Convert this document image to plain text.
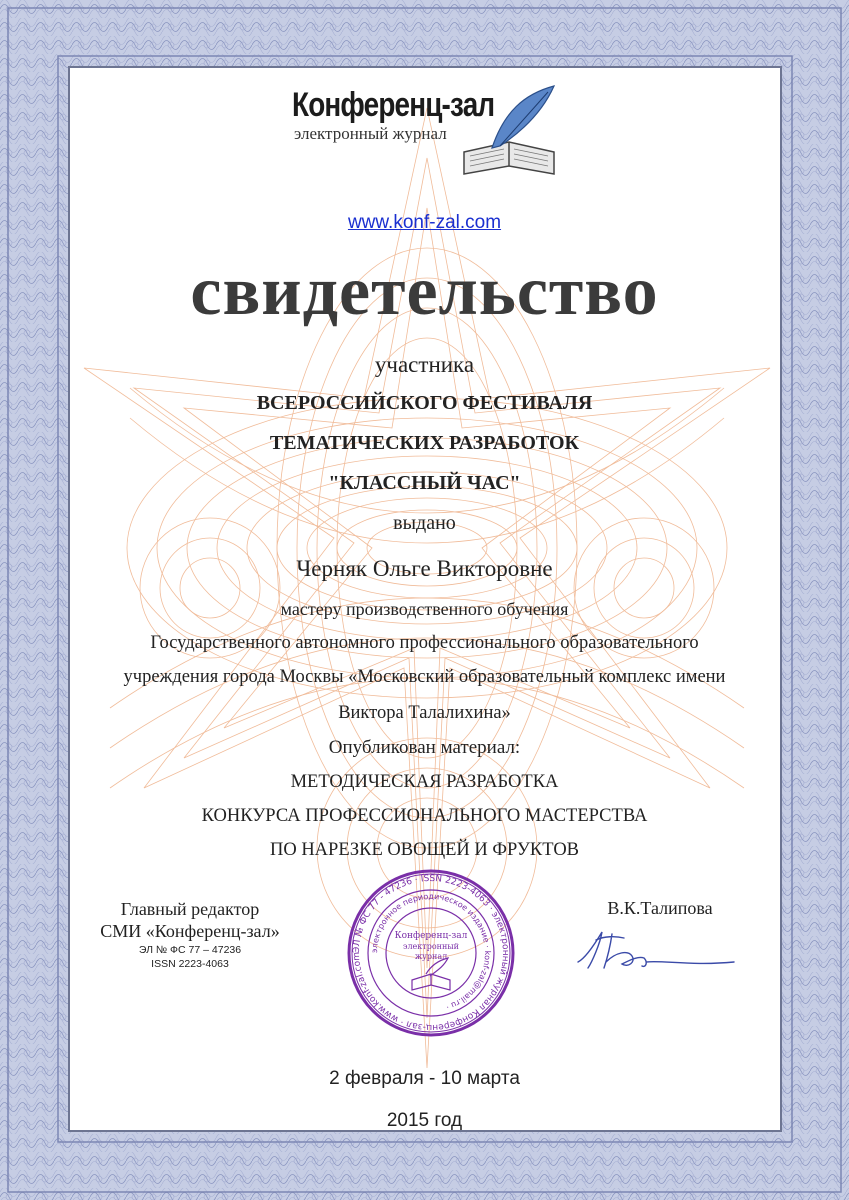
Конференц-зал
электронный журнал
www.konf-zal.com
свидетельство
участника
ВСЕРОССИЙСКОГО ФЕСТИВАЛЯ
ТЕМАТИЧЕСКИХ РАЗРАБОТОК
"КЛАССНЫЙ ЧАС"
выдано
Черняк Ольге Викторовне
мастеру производственного обучения
Государственного автономного профессионального образовательного
учреждения города Москвы «Московский образовательный комплекс имени
Виктора Талалихина»
Опубликован материал:
МЕТОДИЧЕСКАЯ РАЗРАБОТКА
КОНКУРСА ПРОФЕССИОНАЛЬНОГО МАСТЕРСТВА
ПО НАРЕЗКЕ ОВОЩЕЙ И ФРУКТОВ
Главный редактор
СМИ «Конференц-зал»
ЭЛ № ФС 77 – 47236
ISSN 2223-4063
ЭЛ № ФС 77 - 47236 · ISSN 2223-4063 · электронный журнал Конференц-зал · www.konf-zal.com
электронное периодическое издание · konf-zal@mail.ru ·
Конференц-зал
электронный
журнал
В.К.Талипова
2 февраля - 10 марта
2015 год
